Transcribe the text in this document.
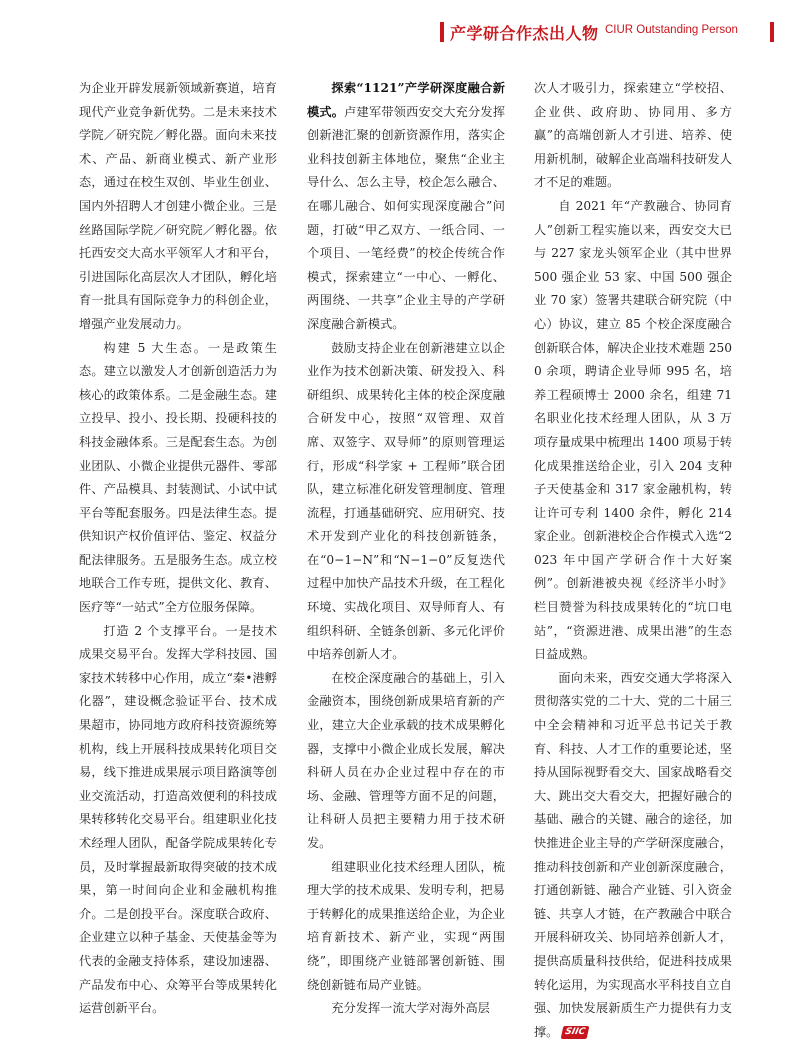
产学研合作杰出人物 CIUR Outstanding Person

为企业开辟发展新领域新赛道，培育现代产业竞争新优势。二是未来技术学院／研究院／孵化器。面向未来技术、产品、新商业模式、新产业形态，通过在校生双创、毕业生创业、国内外招聘人才创建小微企业。三是丝路国际学院／研究院／孵化器。依托西安交大高水平领军人才和平台，引进国际化高层次人才团队，孵化培育一批具有国际竞争力的科创企业，增强产业发展动力。

构建 5 大生态。一是政策生态。建立以激发人才创新创造活力为核心的政策体系。二是金融生态。建立投早、投小、投长期、投硬科技的科技金融体系。三是配套生态。为创业团队、小微企业提供元器件、零部件、产品模具、封装测试、小试中试平台等配套服务。四是法律生态。提供知识产权价值评估、鉴定、权益分配法律服务。五是服务生态。成立校地联合工作专班，提供文化、教育、医疗等“一站式”全方位服务保障。

打造 2 个支撑平台。一是技术成果交易平台。发挥大学科技园、国家技术转移中心作用，成立“秦•港孵化器”，建设概念验证平台、技术成果超市，协同地方政府科技资源统筹机构，线上开展科技成果转化项目交易，线下推进成果展示项目路演等创业交流活动，打造高效便利的科技成果转移转化交易平台。组建职业化技术经理人团队，配备学院成果转化专员，及时掌握最新取得突破的技术成果，第一时间向企业和金融机构推介。二是创投平台。深度联合政府、企业建立以种子基金、天使基金等为代表的金融支持体系，建设加速器、产品发布中心、众筹平台等成果转化运营创新平台。

探索“1121”产学研深度融合新模式。卢建军带领西安交大充分发挥创新港汇聚的创新资源作用，落实企业科技创新主体地位，聚焦“企业主导什么、怎么主导，校企怎么融合、在哪儿融合、如何实现深度融合”问题，打破“甲乙双方、一纸合同、一个项目、一笔经费”的校企传统合作模式，探索建立“一中心、一孵化、两围绕、一共享”企业主导的产学研深度融合新模式。

鼓励支持企业在创新港建立以企业作为技术创新决策、研发投入、科研组织、成果转化主体的校企深度融合研发中心，按照“双管理、双首席、双签字、双导师”的原则管理运行，形成“科学家 + 工程师”联合团队，建立标准化研发管理制度、管理流程，打通基础研究、应用研究、技术开发到产业化的科技创新链条，在“0−1−N”和“N−1−0”反复迭代过程中加快产品技术升级，在工程化环境、实战化项目、双导师育人、有组织科研、全链条创新、多元化评价中培养创新人才。

在校企深度融合的基础上，引入金融资本，围绕创新成果培育新的产业，建立大企业承载的技术成果孵化器，支撑中小微企业成长发展，解决科研人员在办企业过程中存在的市场、金融、管理等方面不足的问题，让科研人员把主要精力用于技术研发。

组建职业化技术经理人团队，梳理大学的技术成果、发明专利，把易于转孵化的成果推送给企业，为企业培育新技术、新产业，实现“两围绕”，即围绕产业链部署创新链、围绕创新链布局产业链。

充分发挥一流大学对海外高层

次人才吸引力，探索建立“学校招、企业供、政府助、协同用、多方赢”的高端创新人才引进、培养、使用新机制，破解企业高端科技研发人才不足的难题。

自 2021 年“产教融合、协同育人”创新工程实施以来，西安交大已与 227 家龙头领军企业（其中世界 500 强企业 53 家、中国 500 强企业 70 家）签署共建联合研究院（中心）协议，建立 85 个校企深度融合创新联合体，解决企业技术难题 2500 余项，聘请企业导师 995 名，培养工程硕博士 2000 余名，组建 71 名职业化技术经理人团队，从 3 万项存量成果中梳理出 1400 项易于转化成果推送给企业，引入 204 支种子天使基金和 317 家金融机构，转让许可专利 1400 余件，孵化 214 家企业。创新港校企合作模式入选“2023 年中国产学研合作十大好案例”。创新港被央视《经济半小时》栏目赞誉为科技成果转化的“坑口电站”，“资源进港、成果出港”的生态日益成熟。

面向未来，西安交通大学将深入贯彻落实党的二十大、党的二十届三中全会精神和习近平总书记关于教育、科技、人才工作的重要论述，坚持从国际视野看交大、国家战略看交大、跳出交大看交大，把握好融合的基础、融合的关键、融合的途径，加快推进企业主导的产学研深度融合，推动科技创新和产业创新深度融合，打通创新链、融合产业链、引入资金链、共享人才链，在产教融合中联合开展科研攻关、协同培养创新人才，提供高质量科技供给，促进科技成果转化运用，为实现高水平科技自立自强、加快发展新质生产力提供有力支撑。 SIIC
